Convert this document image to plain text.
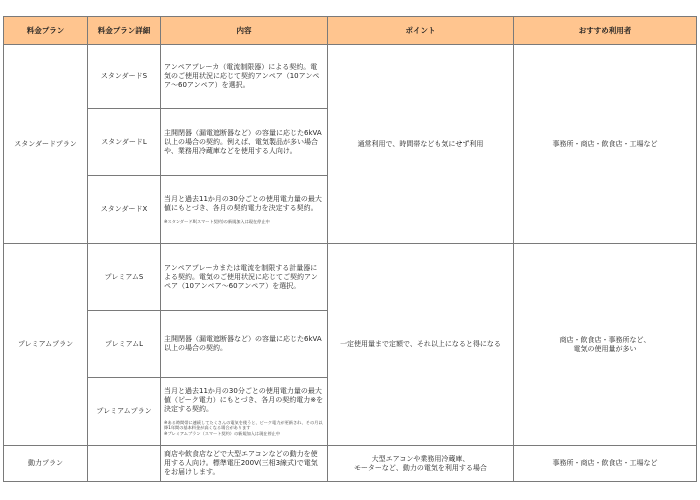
料金プラン	料金プラン詳細	内容	ポイント	おすすめ利用者
スタンダードプラン	スタンダードS	アンペアブレーカ（電流制限器）による契約。電気のご使用状況に応じて契約アンペア（10アンペア〜60アンペア）を選択。	通常利用で、時間帯なども気にせず利用	事務所・商店・飲食店・工場など
	スタンダードL	主開閉器（漏電遮断器など）の容量に応じた6kVA以上の場合の契約。例えば、電気製品が多い場合や、業務用冷蔵庫などを使用する人向け。		
	スタンダードX	当月と過去11か月の30分ごとの使用電力量の最大値にもとづき、各月の契約電力を決定する契約。
※スタンダードX(スマート契約)の新規加入は現在停止中		

プレミアムプラン	プレミアムS	アンペアブレーカまたは電流を制限する計量器による契約。電気のご使用状況に応じてご契約アンペア（10アンペア〜60アンペア）を選択。	一定使用量まで定額で、それ以上になると得になる	商店・飲食店・事務所など、
電気の使用量が多い

	プレミアムL	主開閉器（漏電遮断器など）の容量に応じた6kVA以上の場合の契約。		
	プレミアムプラン	当月と過去11か月の30分ごとの使用電力量の最大値（ピーク電力）にもとづき、各月の契約電力※を決定する契約。
※ある時間帯に連続してたくさんの電気を使うと、ピーク電力が更新され、その月以降1年間の基本料金が高くなる場合があります
※プレミアムプラン（スマート契約）の新規加入は現在停止中		

動力プラン		商店や飲食店などで大型エアコンなどの動力を使用する人向け。標準電圧200V(三相3線式)で電気をお届けします。	大型エアコンや業務用冷蔵庫、
モーターなど、動力の電気を利用する場合	事務所・商店・飲食店・工場など
